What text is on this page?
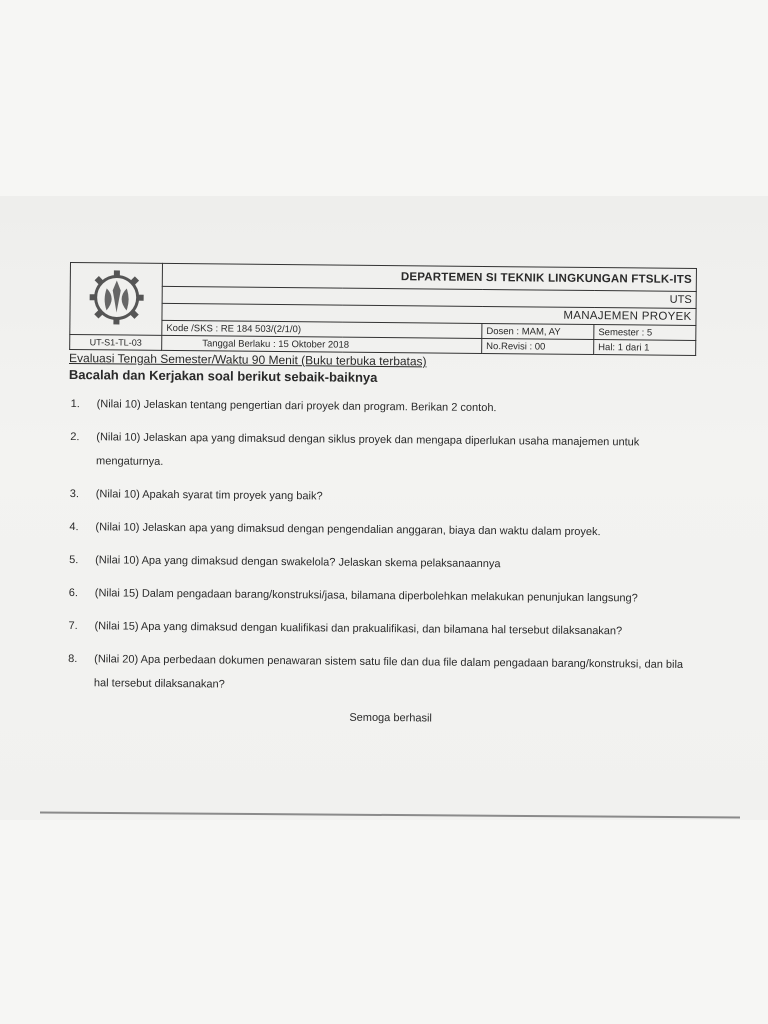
	DEPARTEMEN SI TEKNIK LINGKUNGAN FTSLK-ITS		
	UTS		
	MANAJEMEN PROYEK		
	Kode /SKS : RE 184 503/(2/1/0)	Dosen : MAM, AY	Semester : 5
UT-S1-TL-03	Tanggal Berlaku : 15 Oktober 2018	No.Revisi : 00	Hal: 1 dari 1
Evaluasi Tengah Semester/Waktu 90 Menit (Buku terbuka terbatas)
Bacalah dan Kerjakan soal berikut sebaik-baiknya
1. (Nilai 10) Jelaskan tentang pengertian dari proyek dan program. Berikan 2 contoh.
2. (Nilai 10) Jelaskan apa yang dimaksud dengan siklus proyek dan mengapa diperlukan usaha manajemen untuk mengaturnya.
3. (Nilai 10) Apakah syarat tim proyek yang baik?
4. (Nilai 10) Jelaskan apa yang dimaksud dengan pengendalian anggaran, biaya dan waktu dalam proyek.
5. (Nilai 10) Apa yang dimaksud dengan swakelola? Jelaskan skema pelaksanaannya
6. (Nilai 15) Dalam pengadaan barang/konstruksi/jasa, bilamana diperbolehkan melakukan penunjukan langsung?
7. (Nilai 15) Apa yang dimaksud dengan kualifikasi dan prakualifikasi, dan bilamana hal tersebut dilaksanakan?
8. (Nilai 20) Apa perbedaan dokumen penawaran sistem satu file dan dua file dalam pengadaan barang/konstruksi, dan bila hal tersebut dilaksanakan?
Semoga berhasil
